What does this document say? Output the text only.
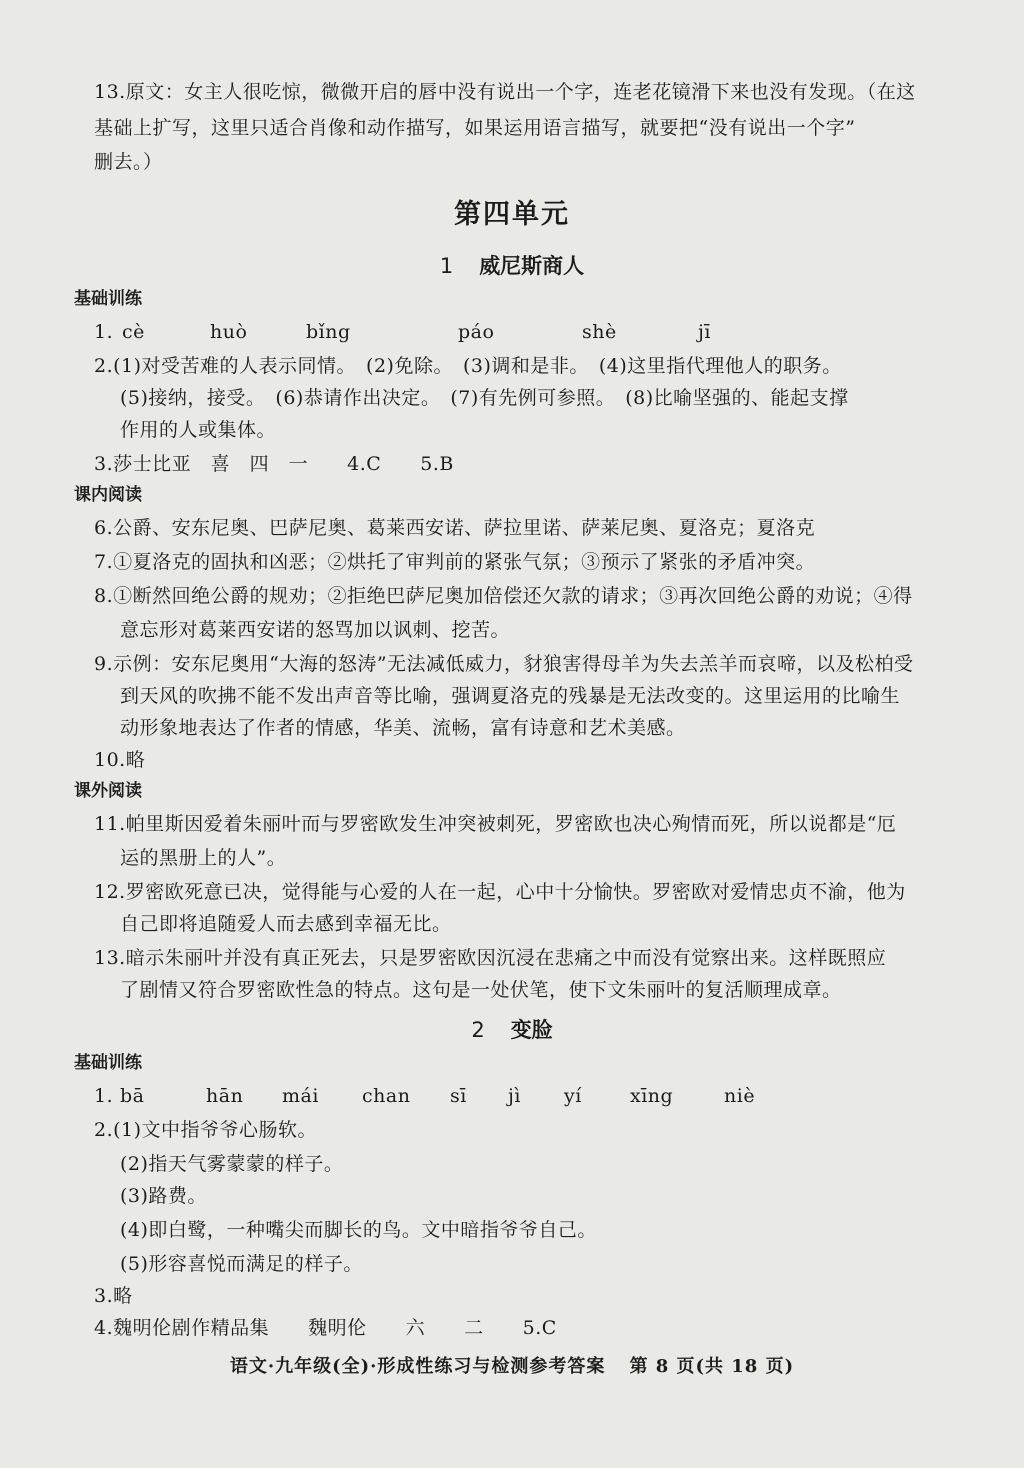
13.原文：女主人很吃惊，微微开启的唇中没有说出一个字，连老花镜滑下来也没有发现。（在这
基础上扩写，这里只适合肖像和动作描写，如果运用语言描写，就要把“没有说出一个字”
删去。）
第四单元
1 威尼斯商人
基础训练
1. cè	huò	bǐng	páo	shè	jī
2.(1)对受苦难的人表示同情。　(2)免除。　(3)调和是非。　(4)这里指代理他人的职务。
(5)接纳，接受。　(6)恭请作出决定。　(7)有先例可参照。　(8)比喻坚强的、能起支撑
作用的人或集体。
3.莎士比亚　喜　四　一　　4.C　　5.B
课内阅读
6.公爵、安东尼奥、巴萨尼奥、葛莱西安诺、萨拉里诺、萨莱尼奥、夏洛克；夏洛克
7.①夏洛克的固执和凶恶；②烘托了审判前的紧张气氛；③预示了紧张的矛盾冲突。
8.①断然回绝公爵的规劝；②拒绝巴萨尼奥加倍偿还欠款的请求；③再次回绝公爵的劝说；④得
意忘形对葛莱西安诺的怒骂加以讽刺、挖苦。
9.示例：安东尼奥用“大海的怒涛”无法减低威力，豺狼害得母羊为失去羔羊而哀啼，以及松柏受
到天风的吹拂不能不发出声音等比喻，强调夏洛克的残暴是无法改变的。这里运用的比喻生
动形象地表达了作者的情感，华美、流畅，富有诗意和艺术美感。
10.略
课外阅读
11.帕里斯因爱着朱丽叶而与罗密欧发生冲突被刺死，罗密欧也决心殉情而死，所以说都是“厄
运的黑册上的人”。
12.罗密欧死意已决，觉得能与心爱的人在一起，心中十分愉快。罗密欧对爱情忠贞不渝，他为
自己即将追随爱人而去感到幸福无比。
13.暗示朱丽叶并没有真正死去，只是罗密欧因沉浸在悲痛之中而没有觉察出来。这样既照应
了剧情又符合罗密欧性急的特点。这句是一处伏笔，使下文朱丽叶的复活顺理成章。
2 变脸
基础训练
1. bā	hān mái chan sī jì yí	xīng	niè
2.(1)文中指爷爷心肠软。
(2)指天气雾蒙蒙的样子。
(3)路费。
(4)即白鹭，一种嘴尖而脚长的鸟。文中暗指爷爷自己。
(5)形容喜悦而满足的样子。
3.略
4.魏明伦剧作精品集　　魏明伦　　六　　二　　5.C
语文·九年级(全)·形成性练习与检测参考答案 第 8 页(共 18 页)
